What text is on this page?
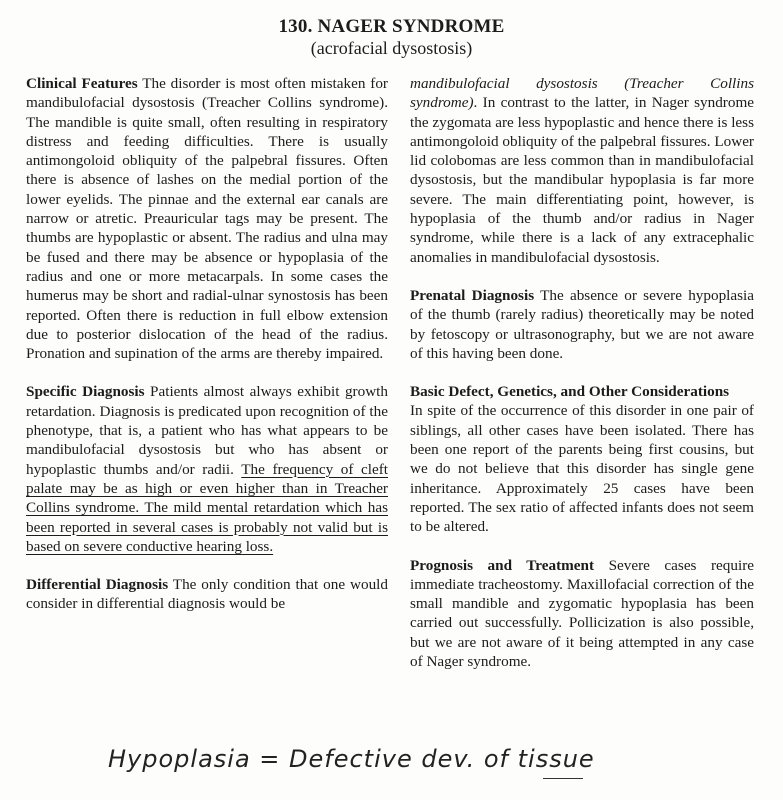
130. NAGER SYNDROME
(acrofacial dysostosis)

Clinical Features The disorder is most often mistaken for mandibulofacial dysostosis (Treacher Collins syndrome). The mandible is quite small, often resulting in respiratory distress and feeding difficulties. There is usually antimongoloid obliquity of the palpebral fissures. Often there is absence of lashes on the medial portion of the lower eyelids. The pinnae and the external ear canals are narrow or atretic. Preauricular tags may be present. The thumbs are hypoplastic or absent. The radius and ulna may be fused and there may be absence or hypoplasia of the radius and one or more metacarpals. In some cases the humerus may be short and radial-ulnar synostosis has been reported. Often there is reduction in full elbow extension due to posterior dislocation of the head of the radius. Pronation and supination of the arms are thereby impaired.

Specific Diagnosis Patients almost always exhibit growth retardation. Diagnosis is predicated upon recognition of the phenotype, that is, a patient who has what appears to be mandibulofacial dysostosis but who has absent or hypoplastic thumbs and/or radii. The frequency of cleft palate may be as high or even higher than in Treacher Collins syndrome. The mild mental retardation which has been reported in several cases is probably not valid but is based on severe conductive hearing loss.

Differential Diagnosis The only condition that one would consider in differential diagnosis would be

mandibulofacial dysostosis (Treacher Collins syndrome). In contrast to the latter, in Nager syndrome the zygomata are less hypoplastic and hence there is less antimongoloid obliquity of the palpebral fissures. Lower lid colobomas are less common than in mandibulofacial dysostosis, but the mandibular hypoplasia is far more severe. The main differentiating point, however, is hypoplasia of the thumb and/or radius in Nager syndrome, while there is a lack of any extracephalic anomalies in mandibulofacial dysostosis.

Prenatal Diagnosis The absence or severe hypoplasia of the thumb (rarely radius) theoretically may be noted by fetoscopy or ultrasonography, but we are not aware of this having been done.

Basic Defect, Genetics, and Other Considerations

In spite of the occurrence of this disorder in one pair of siblings, all other cases have been isolated. There has been one report of the parents being first cousins, but we do not believe that this disorder has single gene inheritance. Approximately 25 cases have been reported. The sex ratio of affected infants does not seem to be altered.

Prognosis and Treatment Severe cases require immediate tracheostomy. Maxillofacial correction of the small mandible and zygomatic hypoplasia has been carried out successfully. Pollicization is also possible, but we are not aware of it being attempted in any case of Nager syndrome.

Hypoplasia = Defective dev. of tissue
